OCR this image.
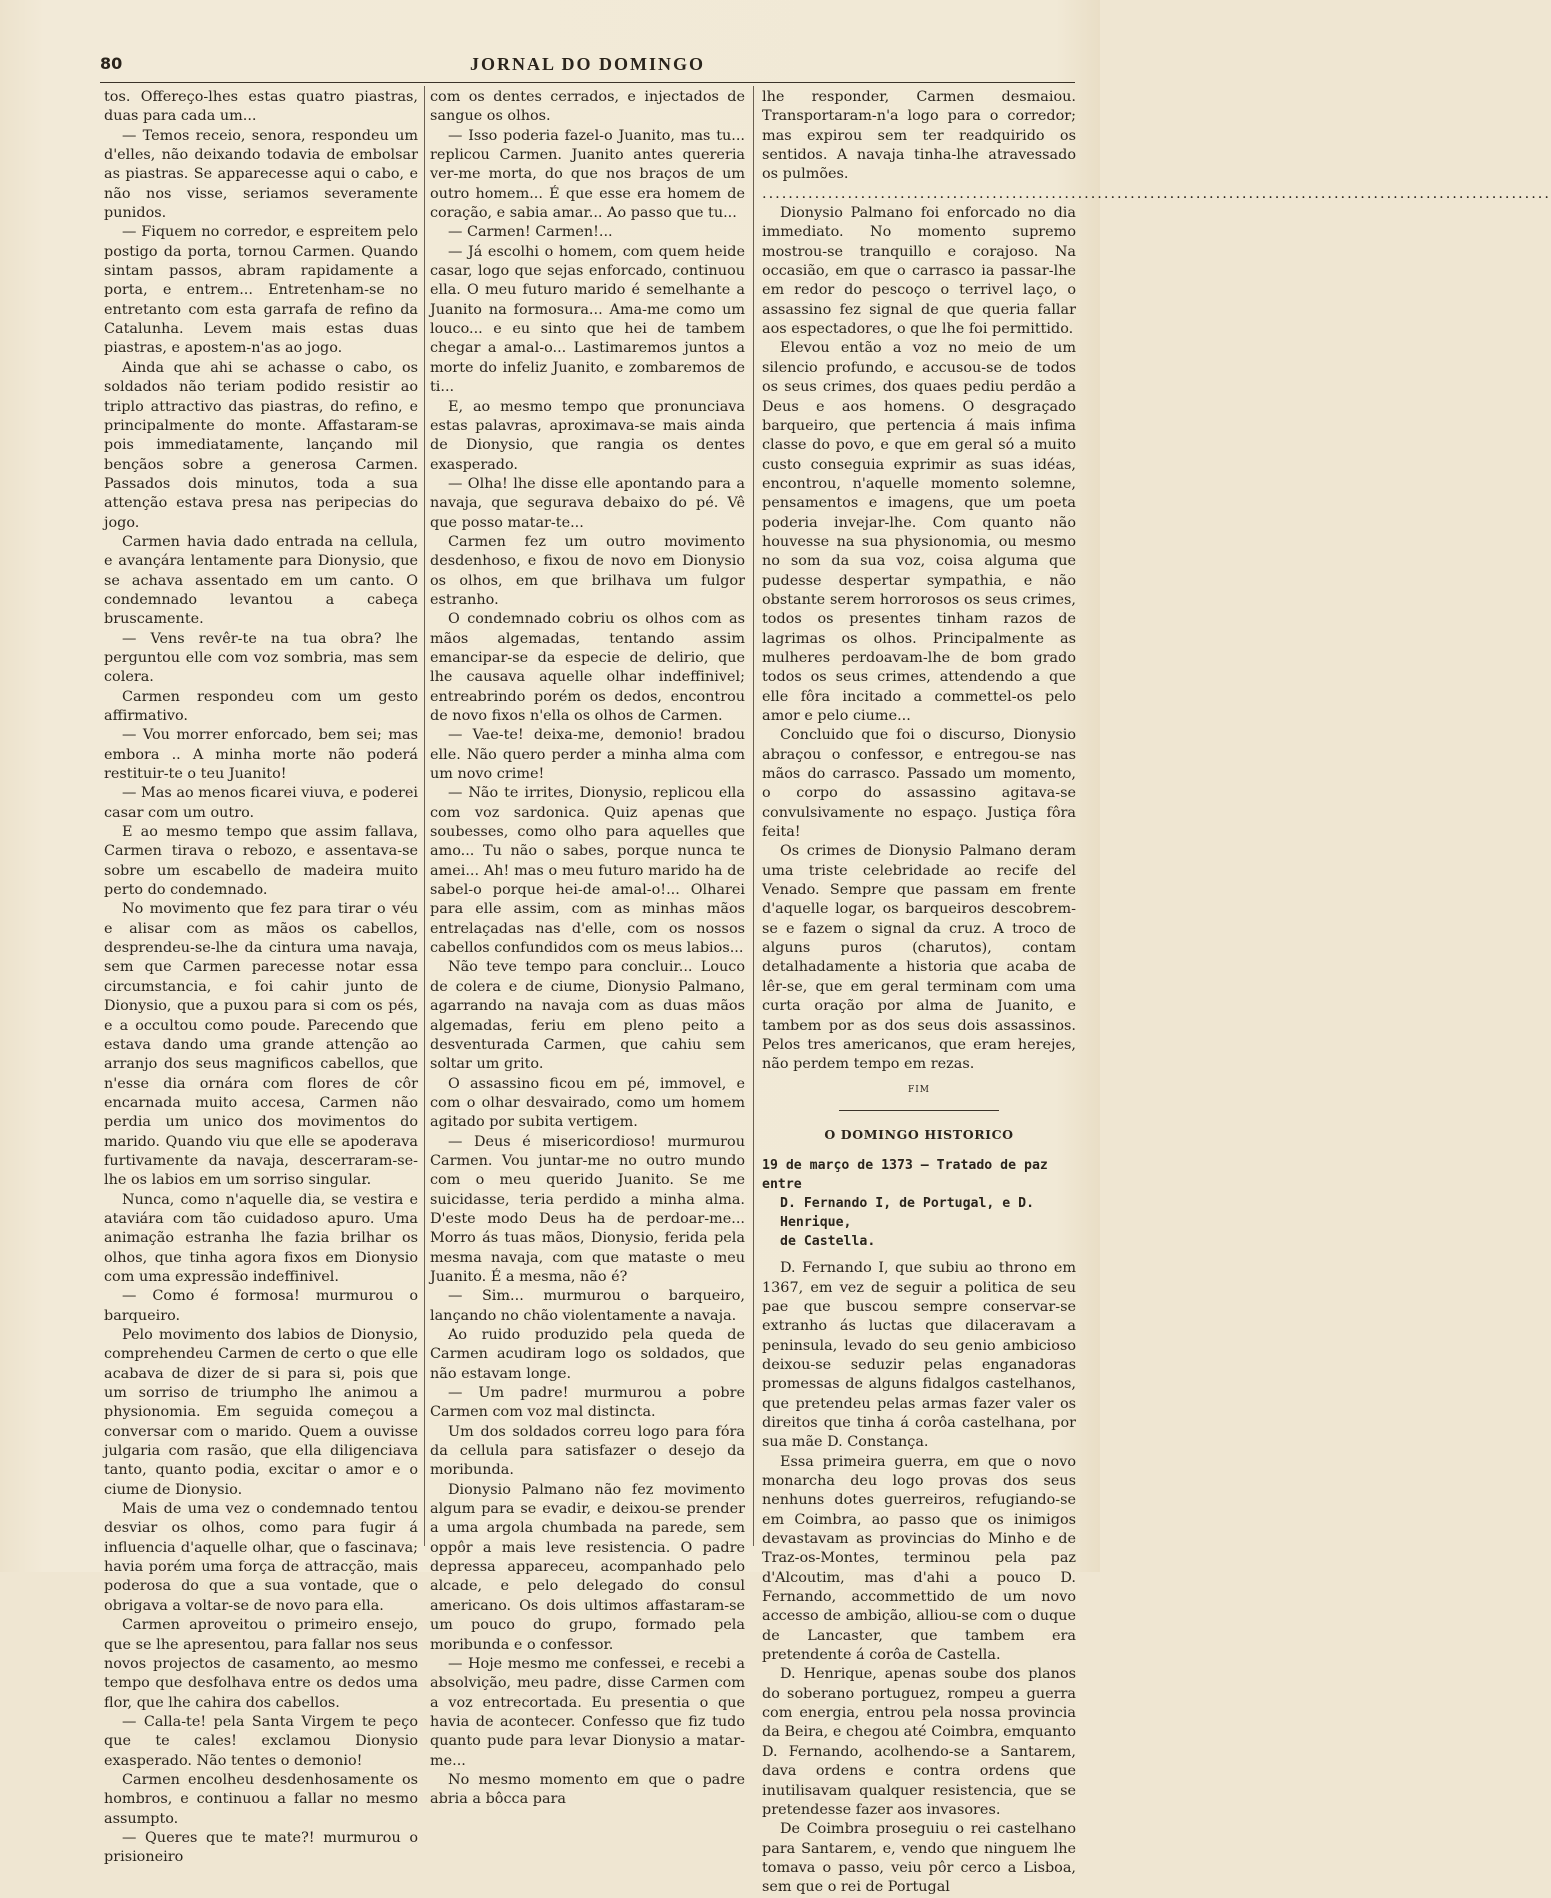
80	JORNAL DO DOMINGO

tos. Offereço-lhes estas quatro piastras, duas para cada um...

— Temos receio, senora, respondeu um d'elles, não deixando todavia de embolsar as piastras. Se apparecesse aqui o cabo, e não nos visse, seriamos severamente punidos.

— Fiquem no corredor, e espreitem pelo postigo da porta, tornou Carmen. Quando sintam passos, abram rapidamente a porta, e entrem... Entretenham-se no entretanto com esta garrafa de refino da Catalunha. Levem mais estas duas piastras, e apostem-n'as ao jogo.

Ainda que ahi se achasse o cabo, os soldados não teriam podido resistir ao triplo attractivo das piastras, do refino, e principalmente do monte. Affastaram-se pois immediatamente, lançando mil bençãos sobre a generosa Carmen. Passados dois minutos, toda a sua attenção estava presa nas peripecias do jogo.

Carmen havia dado entrada na cellula, e avançára lentamente para Dionysio, que se achava assentado em um canto. O condemnado levantou a cabeça bruscamente.

— Vens revêr-te na tua obra? lhe perguntou elle com voz sombria, mas sem colera.

Carmen respondeu com um gesto affirmativo.

— Vou morrer enforcado, bem sei; mas embora .. A minha morte não poderá restituir-te o teu Juanito!

— Mas ao menos ficarei viuva, e poderei casar com um outro.

E ao mesmo tempo que assim fallava, Carmen tirava o rebozo, e assentava-se sobre um escabello de madeira muito perto do condemnado.

No movimento que fez para tirar o véu e alisar com as mãos os cabellos, desprendeu-se-lhe da cintura uma navaja, sem que Carmen parecesse notar essa circumstancia, e foi cahir junto de Dionysio, que a puxou para si com os pés, e a occultou como poude. Parecendo que estava dando uma grande attenção ao arranjo dos seus magnificos cabellos, que n'esse dia ornára com flores de côr encarnada muito accesa, Carmen não perdia um unico dos movimentos do marido. Quando viu que elle se apoderava furtivamente da navaja, descerraram-se-lhe os labios em um sorriso singular.

Nunca, como n'aquelle dia, se vestira e ataviára com tão cuidadoso apuro. Uma animação estranha lhe fazia brilhar os olhos, que tinha agora fixos em Dionysio com uma expressão indeffinivel.

— Como é formosa! murmurou o barqueiro.

Pelo movimento dos labios de Dionysio, comprehendeu Carmen de certo o que elle acabava de dizer de si para si, pois que um sorriso de triumpho lhe animou a physionomia. Em seguida começou a conversar com o marido. Quem a ouvisse julgaria com rasão, que ella diligenciava tanto, quanto podia, excitar o amor e o ciume de Dionysio.

Mais de uma vez o condemnado tentou desviar os olhos, como para fugir á influencia d'aquelle olhar, que o fascinava; havia porém uma força de attracção, mais poderosa do que a sua vontade, que o obrigava a voltar-se de novo para ella.

Carmen aproveitou o primeiro ensejo, que se lhe apresentou, para fallar nos seus novos projectos de casamento, ao mesmo tempo que desfolhava entre os dedos uma flor, que lhe cahira dos cabellos.

— Calla-te! pela Santa Virgem te peço que te cales! exclamou Dionysio exasperado. Não tentes o demonio!

Carmen encolheu desdenhosamente os hombros, e continuou a fallar no mesmo assumpto.

— Queres que te mate?! murmurou o prisioneiro

com os dentes cerrados, e injectados de sangue os olhos.

— Isso poderia fazel-o Juanito, mas tu... replicou Carmen. Juanito antes quereria ver-me morta, do que nos braços de um outro homem... É que esse era homem de coração, e sabia amar... Ao passo que tu...

— Carmen! Carmen!...

— Já escolhi o homem, com quem heide casar, logo que sejas enforcado, continuou ella. O meu futuro marido é semelhante a Juanito na formosura... Ama-me como um louco... e eu sinto que hei de tambem chegar a amal-o... Lastimaremos juntos a morte do infeliz Juanito, e zombaremos de ti...

E, ao mesmo tempo que pronunciava estas palavras, aproximava-se mais ainda de Dionysio, que rangia os dentes exasperado.

— Olha! lhe disse elle apontando para a navaja, que segurava debaixo do pé. Vê que posso matar-te...

Carmen fez um outro movimento desdenhoso, e fixou de novo em Dionysio os olhos, em que brilhava um fulgor estranho.

O condemnado cobriu os olhos com as mãos algemadas, tentando assim emancipar-se da especie de delirio, que lhe causava aquelle olhar indeffinivel; entreabrindo porém os dedos, encontrou de novo fixos n'ella os olhos de Carmen.

— Vae-te! deixa-me, demonio! bradou elle. Não quero perder a minha alma com um novo crime!

— Não te irrites, Dionysio, replicou ella com voz sardonica. Quiz apenas que soubesses, como olho para aquelles que amo... Tu não o sabes, porque nunca te amei... Ah! mas o meu futuro marido ha de sabel-o porque hei-de amal-o!... Olharei para elle assim, com as minhas mãos entrelaçadas nas d'elle, com os nossos cabellos confundidos com os meus labios...

Não teve tempo para concluir... Louco de colera e de ciume, Dionysio Palmano, agarrando na navaja com as duas mãos algemadas, feriu em pleno peito a desventurada Carmen, que cahiu sem soltar um grito.

O assassino ficou em pé, immovel, e com o olhar desvairado, como um homem agitado por subita vertigem.

— Deus é misericordioso! murmurou Carmen. Vou juntar-me no outro mundo com o meu querido Juanito. Se me suicidasse, teria perdido a minha alma. D'este modo Deus ha de perdoar-me... Morro ás tuas mãos, Dionysio, ferida pela mesma navaja, com que mataste o meu Juanito. É a mesma, não é?

— Sim... murmurou o barqueiro, lançando no chão violentamente a navaja.

Ao ruido produzido pela queda de Carmen acudiram logo os soldados, que não estavam longe.

— Um padre! murmurou a pobre Carmen com voz mal distincta.

Um dos soldados correu logo para fóra da cellula para satisfazer o desejo da moribunda.

Dionysio Palmano não fez movimento algum para se evadir, e deixou-se prender a uma argola chumbada na parede, sem oppôr a mais leve resistencia. O padre depressa appareceu, acompanhado pelo alcade, e pelo delegado do consul americano. Os dois ultimos affastaram-se um pouco do grupo, formado pela moribunda e o confessor.

— Hoje mesmo me confessei, e recebi a absolvição, meu padre, disse Carmen com a voz entrecortada. Eu presentia o que havia de acontecer. Confesso que fiz tudo quanto pude para levar Dionysio a matar-me...

No mesmo momento em que o padre abria a bôcca para

lhe responder, Carmen desmaiou. Transportaram-n'a logo para o corredor; mas expirou sem ter readquirido os sentidos. A navaja tinha-lhe atravessado os pulmões.

........................................................................................................................

Dionysio Palmano foi enforcado no dia immediato. No momento supremo mostrou-se tranquillo e corajoso. Na occasião, em que o carrasco ia passar-lhe em redor do pescoço o terrivel laço, o assassino fez signal de que queria fallar aos espectadores, o que lhe foi permittido.

Elevou então a voz no meio de um silencio profundo, e accusou-se de todos os seus crimes, dos quaes pediu perdão a Deus e aos homens. O desgraçado barqueiro, que pertencia á mais infima classe do povo, e que em geral só a muito custo conseguia exprimir as suas idéas, encontrou, n'aquelle momento solemne, pensamentos e imagens, que um poeta poderia invejar-lhe. Com quanto não houvesse na sua physionomia, ou mesmo no som da sua voz, coisa alguma que pudesse despertar sympathia, e não obstante serem horrorosos os seus crimes, todos os presentes tinham razos de lagrimas os olhos. Principalmente as mulheres perdoavam-lhe de bom grado todos os seus crimes, attendendo a que elle fôra incitado a commettel-os pelo amor e pelo ciume...

Concluido que foi o discurso, Dionysio abraçou o confessor, e entregou-se nas mãos do carrasco. Passado um momento, o corpo do assassino agitava-se convulsivamente no espaço. Justiça fôra feita!

Os crimes de Dionysio Palmano deram uma triste celebridade ao recife del Venado. Sempre que passam em frente d'aquelle logar, os barqueiros descobrem-se e fazem o signal da cruz. A troco de alguns puros (charutos), contam detalhadamente a historia que acaba de lêr-se, que em geral terminam com uma curta oração por alma de Juanito, e tambem por as dos seus dois assassinos. Pelos tres americanos, que eram herejes, não perdem tempo em rezas.

FIM

O DOMINGO HISTORICO

19 de março de 1373 — Tratado de paz entre
D. Fernando I, de Portugal, e D. Henrique,
de Castella.

D. Fernando I, que subiu ao throno em 1367, em vez de seguir a politica de seu pae que buscou sempre conservar-se extranho ás luctas que dilaceravam a peninsula, levado do seu genio ambicioso deixou-se seduzir pelas enganadoras promessas de alguns fidalgos castelhanos, que pretendeu pelas armas fazer valer os direitos que tinha á corôa castelhana, por sua mãe D. Constança.

Essa primeira guerra, em que o novo monarcha deu logo provas dos seus nenhuns dotes guerreiros, refugiando-se em Coimbra, ao passo que os inimigos devastavam as provincias do Minho e de Traz-os-Montes, terminou pela paz d'Alcoutim, mas d'ahi a pouco D. Fernando, accommettido de um novo accesso de ambição, alliou-se com o duque de Lancaster, que tambem era pretendente á corôa de Castella.

D. Henrique, apenas soube dos planos do soberano portuguez, rompeu a guerra com energia, entrou pela nossa provincia da Beira, e chegou até Coimbra, emquanto D. Fernando, acolhendo-se a Santarem, dava ordens e contra ordens que inutilisavam qualquer resistencia, que se pretendesse fazer aos invasores.

De Coimbra proseguiu o rei castelhano para Santarem, e, vendo que ninguem lhe tomava o passo, veiu pôr cerco a Lisboa, sem que o rei de Portugal
